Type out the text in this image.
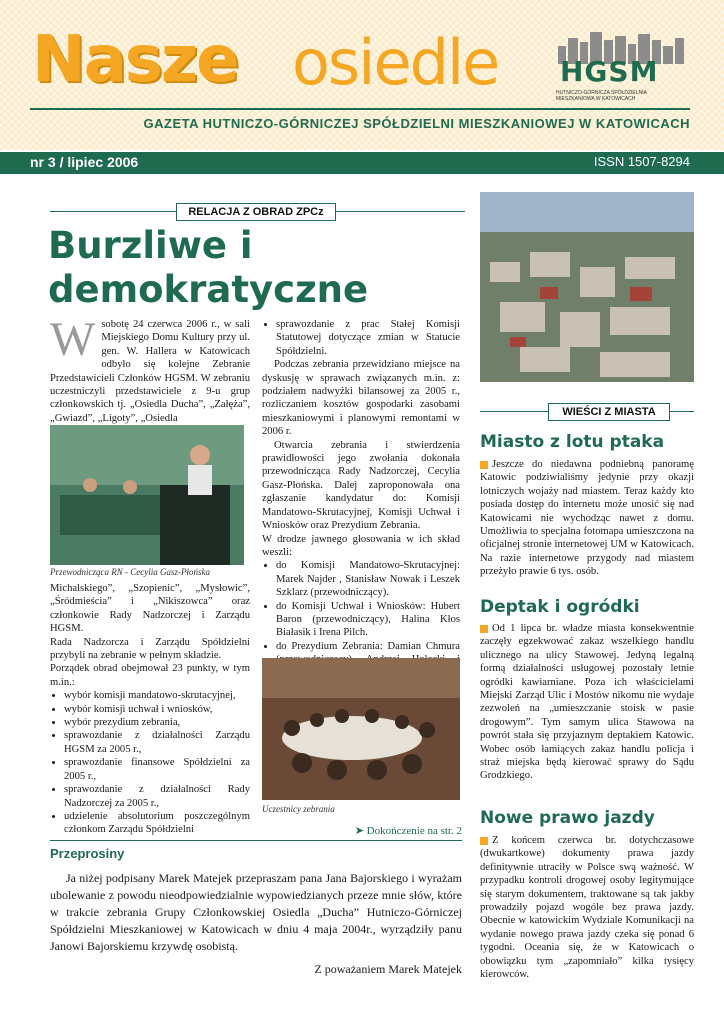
Nasze osiedle HGSM
HUTNICZO-GÓRNICZA SPÓŁDZIELNIA MIESZKANIOWA W KATOWICACH
GAZETA HUTNICZO-GÓRNICZEJ SPÓŁDZIELNI MIESZKANIOWEJ W KATOWICACH
nr 3 / lipiec 2006	ISSN 1507-8294
RELACJA Z OBRAD ZPCz
Burzliwe i demokratyczne

Wsobotę 24 czerwca 2006 r., w sali Miejskiego Domu Kultury przy ul. gen. W. Hallera w Katowicach odbyło się kolejne Zebranie Przedstawicieli Członków HGSM. W zebraniu uczestniczyli przedstawiciele z 9-u grup członkowskich tj. „Osiedla Ducha”, „Załęża”, „Gwiazd”, „Ligoty”, „Osiedla

Przewodnicząca RN - Cecylia Gasz-Płońska

Michalskiego”, „Szopienic”, „Mysłowic”, „Śródmieścia” i „Nikiszowca” oraz członkowie Rady Nadzorczej i Zarządu HGSM.

Rada Nadzorcza i Zarządu Spółdzielni przybyli na zebranie w pełnym składzie.

Porządek obrad obejmował 23 punkty, w tym m.in.:

• wybór komisji mandatowo-skrutacyjnej,
• wybór komisji uchwał i wniosków,
• wybór prezydium zebrania,
• sprawozdanie z działalności Zarządu HGSM za 2005 r.,
• sprawozdanie finansowe Spółdzielni za 2005 r.,
• sprawozdanie z działalności Rady Nadzorczej za 2005 r.,
• udzielenie absolutorium poszczególnym członkom Zarządu Spółdzielni
• sprawozdanie z prac Stałej Komisji Statutowej dotyczące zmian w Statucie Spółdzielni.

Podczas zebrania przewidziano miejsce na dyskusję w sprawach związanych m.in. z: podziałem nadwyżki bilansowej za 2005 r., rozliczaniem kosztów gospodarki zasobami mieszkaniowymi i planowymi remontami w 2006 r.

Otwarcia zebrania i stwierdzenia prawidłowości jego zwołania dokonała przewodnicząca Rady Nadzorczej, Cecylia Gasz-Płońska. Dalej zaproponowała ona zgłaszanie kandydatur do: Komisji Mandatowo-Skrutacyjnej, Komisji Uchwał i Wniosków oraz Prezydium Zebrania.

W drodze jawnego głosowania w ich skład weszli:

• do Komisji Mandatowo-Skrutacyjnej: Marek Najder , Stanisław Nowak i Leszek Szklarz (przewodniczący).
• do Komisji Uchwał i Wniosków: Hubert Baron (przewodniczący), Halina Kłos Białasik i Irena Pilch.
• do Prezydium Zebrania: Damian Chmura
Uczestnicy zebrania
➤ Dokończenie na str. 2
Przeprosiny
Ja niżej podpisany Marek Matejek przepraszam pana Jana Bajorskiego i wyrażam ubolewanie z powodu nieodpowiedzialnie wypowiedzianych przeze mnie słów, które w trakcie zebrania Grupy Członkowskiej Osiedla „Ducha” Hutniczo-Górniczej Spółdzielni Mieszkaniowej w Katowicach w dniu 4 maja 2004r., wyrządziły panu Janowi Bajorskiemu krzywdę osobistą.
Z poważaniem Marek Matejek
WIEŚCI Z MIASTA
Miasto z lotu ptaka

Jeszcze do niedawna podniebną panoramę Katowic podziwialiśmy jedynie przy okazji lotniczych wojaży nad miastem. Teraz każdy kto posiada dostęp do internetu może unosić się nad Katowicami nie wychodząc nawet z domu. Umożliwia to specjalna fotomapa umieszczona na oficjalnej stronie internetowej UM w Katowicach. Na razie internetowe przygody nad miastem przeżyło prawie 6 tys. osób.

Deptak i ogródki

Od 1 lipca br. władze miasta konsekwentnie zaczęły egzekwować zakaz wszelkiego handlu ulicznego na ulicy Stawowej. Jedyną legalną formą działalności usługowej pozostały letnie ogródki kawiarniane. Poza ich właścicielami Miejski Zarząd Ulic i Mostów nikomu nie wydaje zezwoleń na „umieszczanie stoisk w pasie drogowym”. Tym samym ulica Stawowa na powrót stała się przyjaznym deptakiem Katowic. Wobec osób łamiących zakaz handlu policja i straż miejska będą kierować sprawy do Sądu Grodzkiego.

Nowe prawo jazdy

Z końcem czerwca br. dotychczasowe (dwukartkowe) dokumenty prawa jazdy definitywnie utraciły w Polsce swą ważność. W przypadku kontroli drogowej osoby legitymujące się starym dokumentem, traktowane są tak jakby prowadziły pojazd wogóle bez prawa jazdy. Obecnie w katowickim Wydziale Komunikacji na wydanie nowego prawa jazdy czeka się ponad 6 tygodni. Oceania się, że w Katowicach o obowiązku tym „zapomniało” kilka tysięcy kierowców.
